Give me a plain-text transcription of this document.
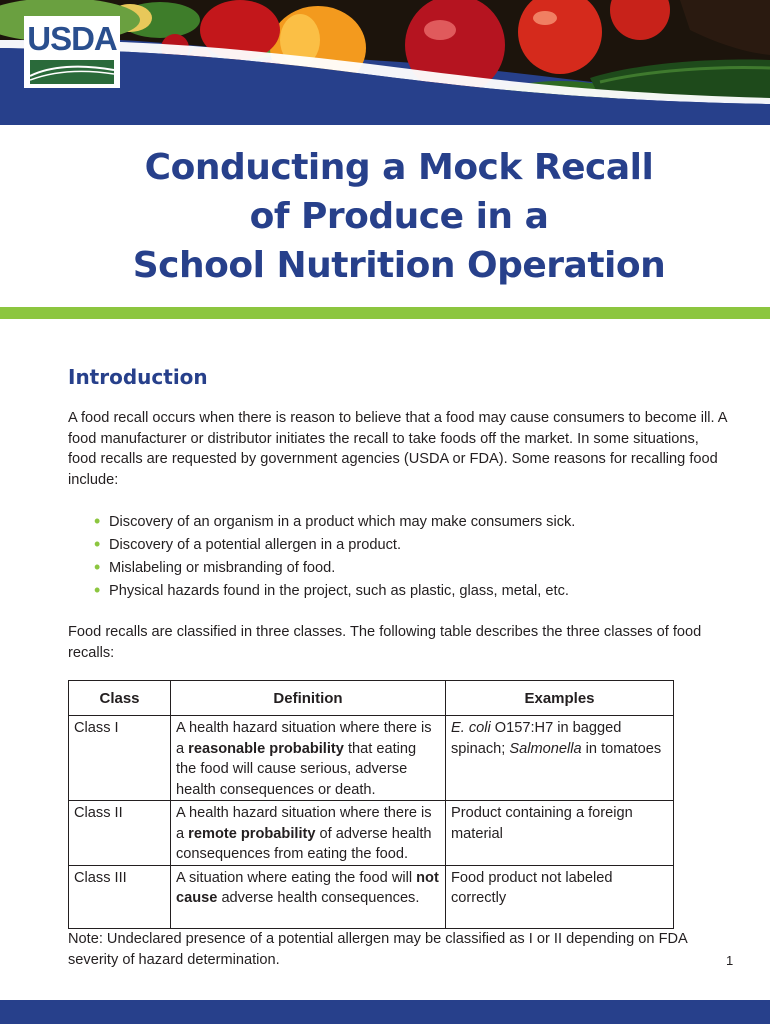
USDA
Conducting a Mock Recall
of Produce in a
School Nutrition Operation
Introduction
A food recall occurs when there is reason to believe that a food may cause consumers to become ill. A food manufacturer or distributor initiates the recall to take foods off the market. In some situations, food recalls are requested by government agencies (USDA or FDA). Some reasons for recalling food include:
• Discovery of an organism in a product which may make consumers sick.
• Discovery of a potential allergen in a product.
• Mislabeling or misbranding of food.
• Physical hazards found in the project, such as plastic, glass, metal, etc.
Food recalls are classified in three classes. The following table describes the three classes of food recalls:
Class	Definition	Examples
Class I	A health hazard situation where there is a reasonable probability that eating the food will cause serious, adverse health consequences or death.	E. coli O157:H7 in bagged spinach; Salmonella in tomatoes
Class II	A health hazard situation where there is a remote probability of adverse health consequences from eating the food.	Product containing a foreign material
Class III	A situation where eating the food will not cause adverse health consequences.	Food product not labeled correctly
Note: Undeclared presence of a potential allergen may be classified as I or II depending on FDA severity of hazard determination.	1
